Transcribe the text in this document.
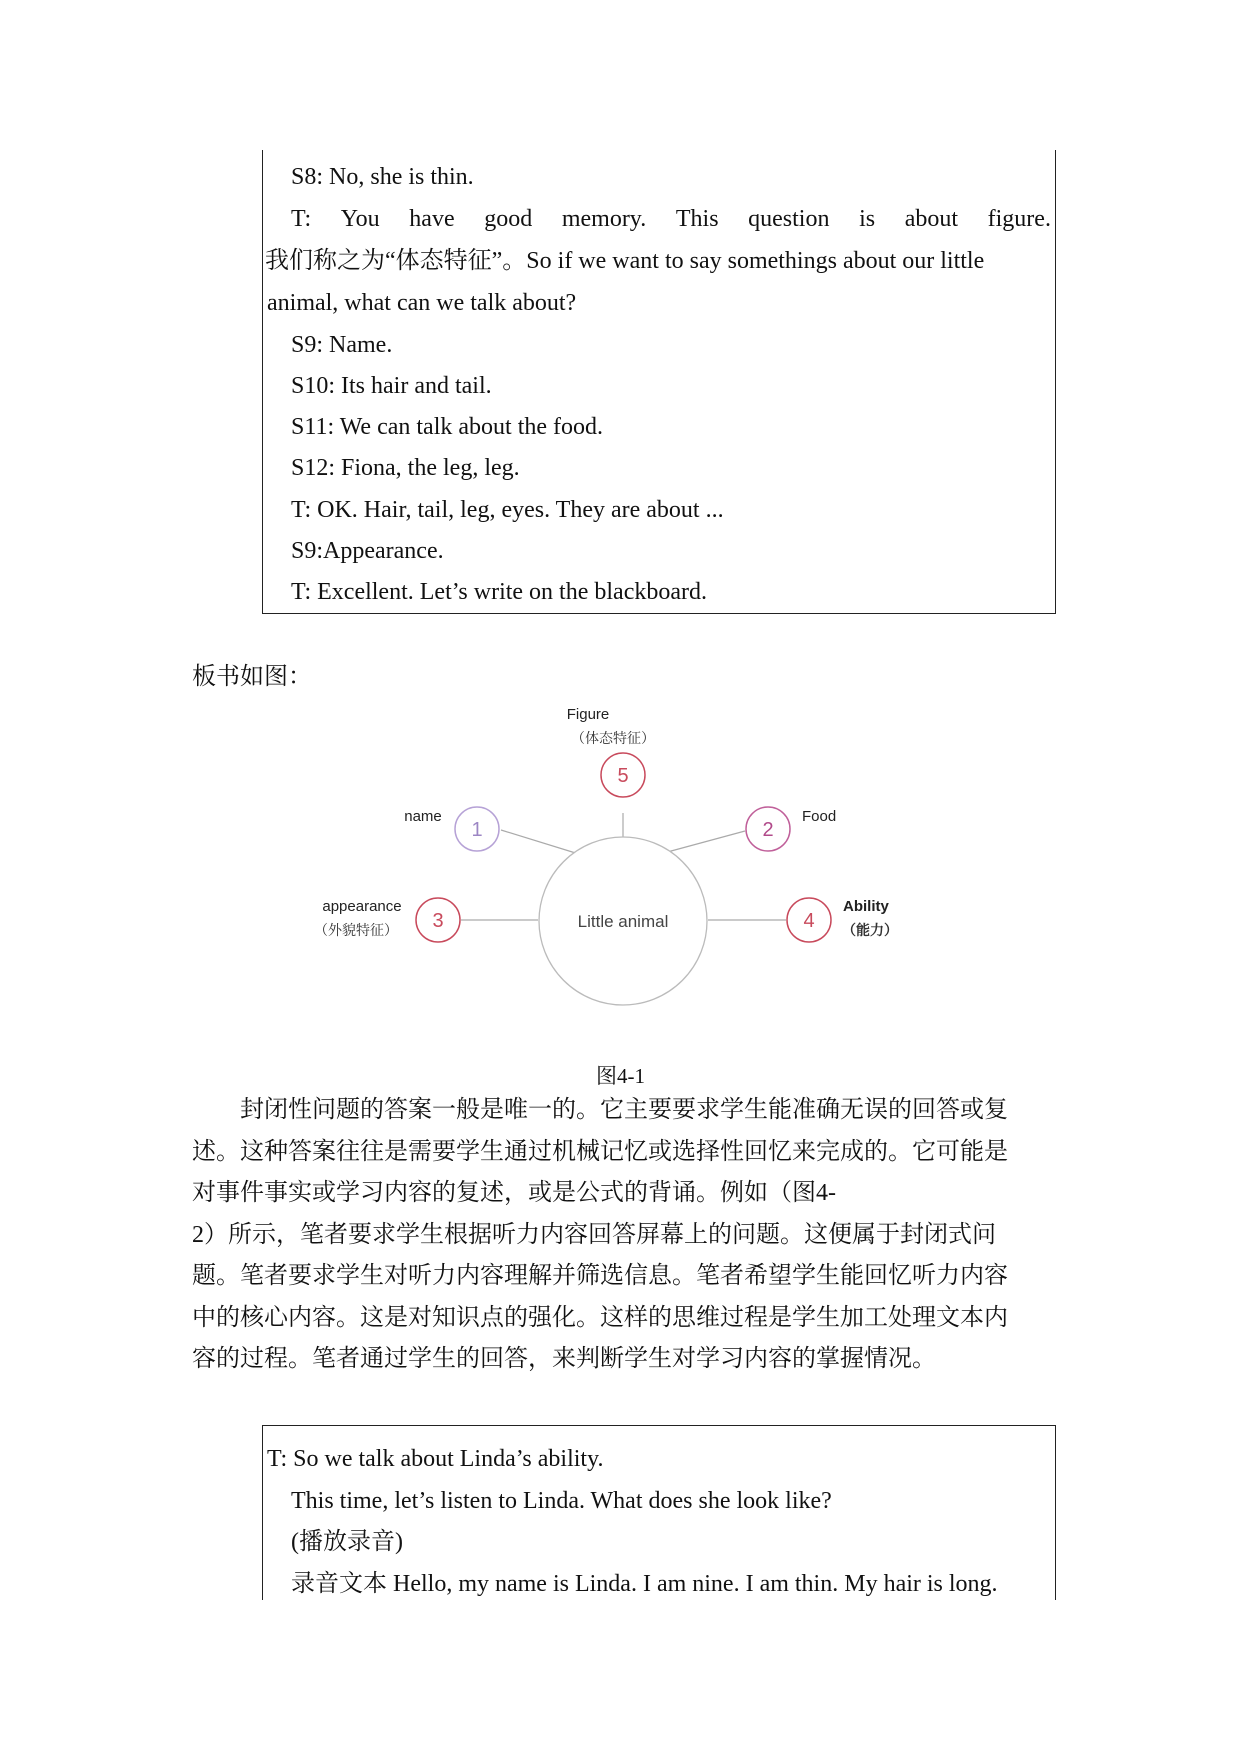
S8: No, she is thin.
T: You have good memory. This question is about figure.
我们称之为“体态特征”。So if we want to say somethings about our little
animal, what can we talk about?
S9: Name.
S10: Its hair and tail.
S11: We can talk about the food.
S12: Fiona, the leg, leg.
T: OK. Hair, tail, leg, eyes. They are about ...
S9:Appearance.
T: Excellent. Let’s write on the blackboard.
板书如图：
Little animal
Figure
（体态特征）
5
name
1	2
Food
appearance
（外貌特征） 3	4
Ability
（能力）
图4-1
封闭性问题的答案一般是唯一的。它主要要求学生能准确无误的回答或复
述。这种答案往往是需要学生通过机械记忆或选择性回忆来完成的。它可能是
对事件事实或学习内容的复述，或是公式的背诵。例如（图4-
2）所示，笔者要求学生根据听力内容回答屏幕上的问题。这便属于封闭式问
题。笔者要求学生对听力内容理解并筛选信息。笔者希望学生能回忆听力内容
中的核心内容。这是对知识点的强化。这样的思维过程是学生加工处理文本内
容的过程。笔者通过学生的回答，来判断学生对学习内容的掌握情况。
T: So we talk about Linda’s ability.
This time, let’s listen to Linda. What does she look like?
(播放录音)
录音文本 Hello, my name is Linda. I am nine. I am thin. My hair is long.
